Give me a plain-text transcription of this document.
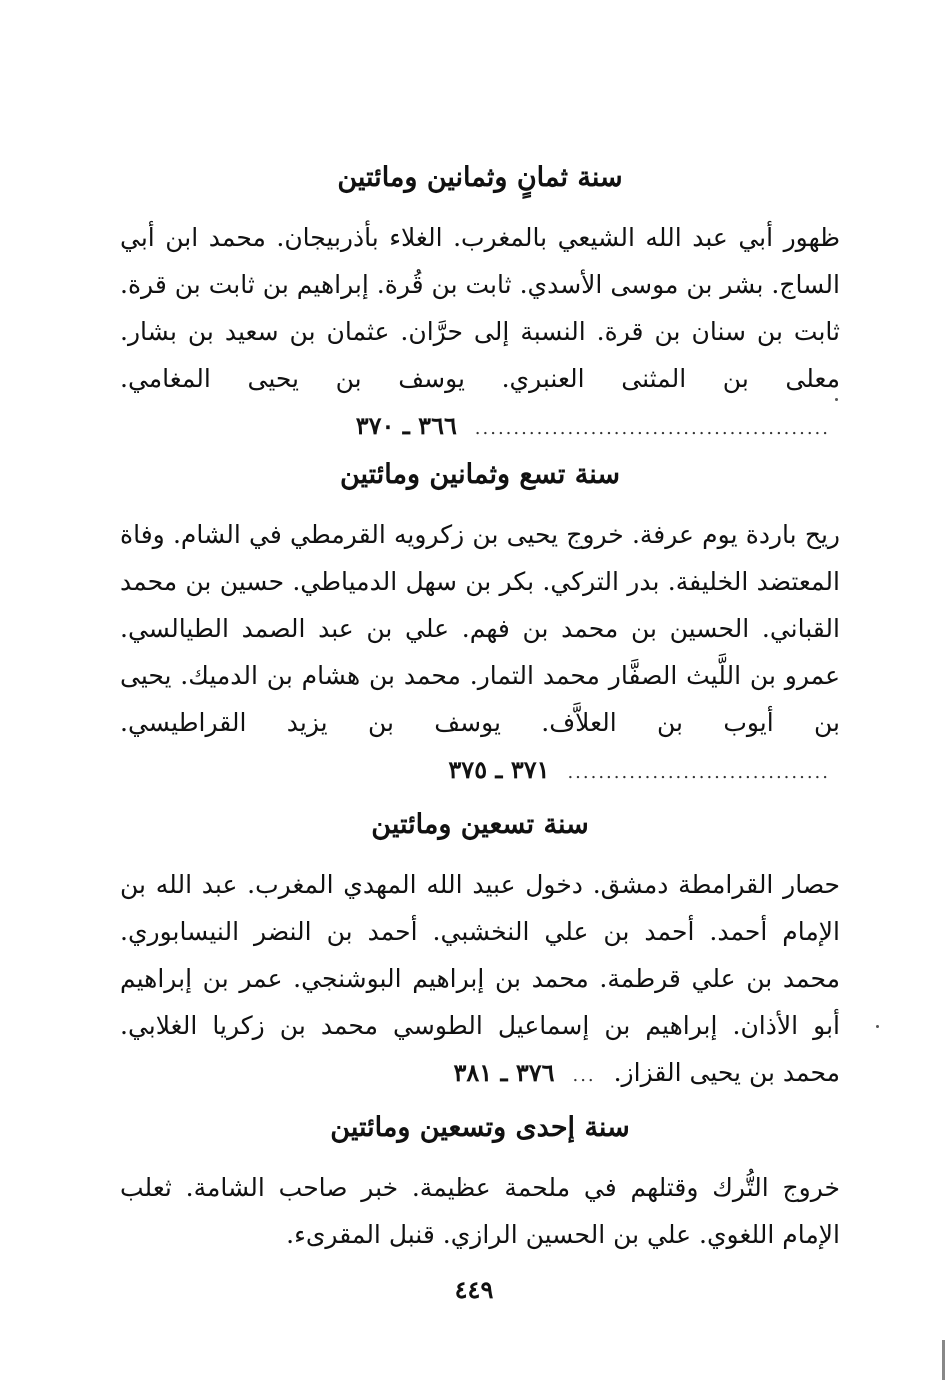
سنة ثمانٍ وثمانين ومائتين
ظهور أبي عبد الله الشيعي بالمغرب. الغلاء بأذربيجان. محمد ابن أبي الساج. بشر بن موسى الأسدي. ثابت بن قُرة. إبراهيم بن ثابت بن قرة. ثابت بن سنان بن قرة. النسبة إلى حرَّان. عثمان بن سعيد بن بشار. معلى بن المثنى العنبري. يوسف بن يحيى المغامي. .............................................. ٣٦٦ ـ ٣٧٠
سنة تسع وثمانين ومائتين
ريح باردة يوم عرفة. خروج يحيى بن زكرويه القرمطي في الشام. وفاة المعتضد الخليفة. بدر التركي. بكر بن سهل الدمياطي. حسين بن محمد القباني. الحسين بن محمد بن فهم. علي بن عبد الصمد الطيالسي. عمرو بن اللَّيث الصفَّار محمد التمار. محمد بن هشام بن الدميك. يحيى بن أيوب بن العلاَّف. يوسف بن يزيد القراطيسي. .................................. ٣٧١ ـ ٣٧٥
سنة تسعين ومائتين
حصار القرامطة دمشق. دخول عبيد الله المهدي المغرب. عبد الله بن الإمام أحمد. أحمد بن علي النخشبي. أحمد بن النضر النيسابوري. محمد بن علي قرطمة. محمد بن إبراهيم البوشنجي. عمر بن إبراهيم أبو الأذان. إبراهيم بن إسماعيل الطوسي محمد بن زكريا الغلابي. محمد بن يحيى القزاز. ... ٣٧٦ ـ ٣٨١
سنة إحدى وتسعين ومائتين
خروج التُّرك وقتلهم في ملحمة عظيمة. خبر صاحب الشامة. ثعلب الإمام اللغوي. علي بن الحسين الرازي. قنبل المقرىء.
٤٤٩
